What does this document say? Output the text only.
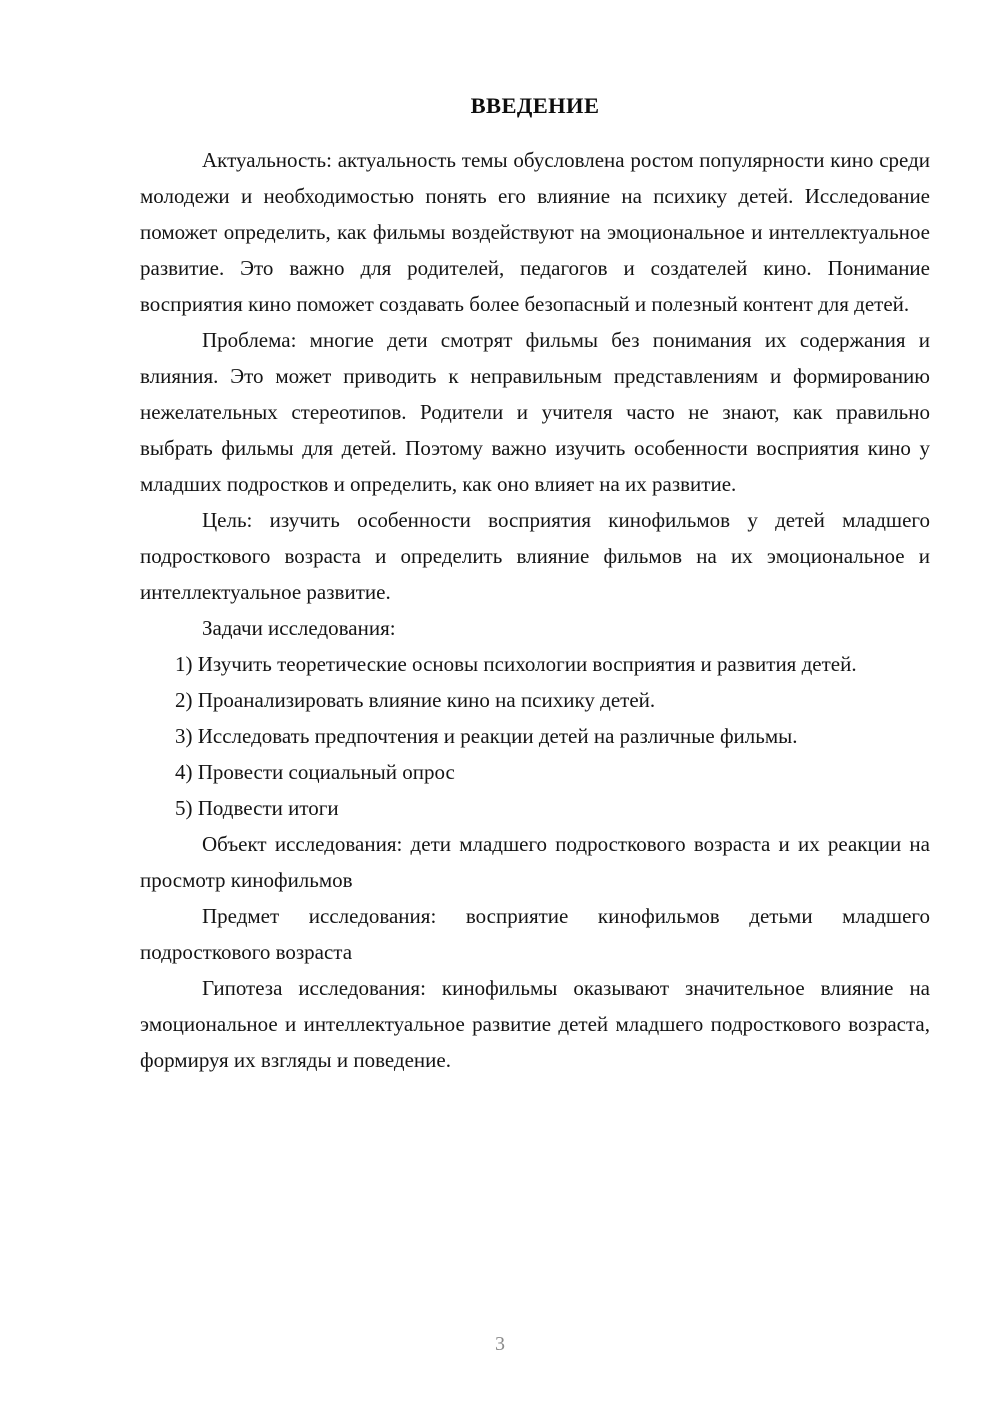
ВВЕДЕНИЕ

Актуальность: актуальность темы обусловлена ростом популярности кино среди молодежи и необходимостью понять его влияние на психику детей. Исследование поможет определить, как фильмы воздействуют на эмоциональное и интеллектуальное развитие. Это важно для родителей, педагогов и создателей кино. Понимание восприятия кино поможет создавать более безопасный и полезный контент для детей.

Проблема: многие дети смотрят фильмы без понимания их содержания и влияния. Это может приводить к неправильным представлениям и формированию нежелательных стереотипов. Родители и учителя часто не знают, как правильно выбрать фильмы для детей. Поэтому важно изучить особенности восприятия кино у младших подростков и определить, как оно влияет на их развитие.

Цель: изучить особенности восприятия кинофильмов у детей младшего подросткового возраста и определить влияние фильмов на их эмоциональное и интеллектуальное развитие.

Задачи исследования:

1) Изучить теоретические основы психологии восприятия и развития детей.

2) Проанализировать влияние кино на психику детей.

3) Исследовать предпочтения и реакции детей на различные фильмы.

4) Провести социальный опрос

5) Подвести итоги

Объект исследования: дети младшего подросткового возраста и их реакции на просмотр кинофильмов

Предмет исследования: восприятие кинофильмов детьми младшего подросткового возраста

Гипотеза исследования: кинофильмы оказывают значительное влияние на эмоциональное и интеллектуальное развитие детей младшего подросткового возраста, формируя их взгляды и поведение.

3
